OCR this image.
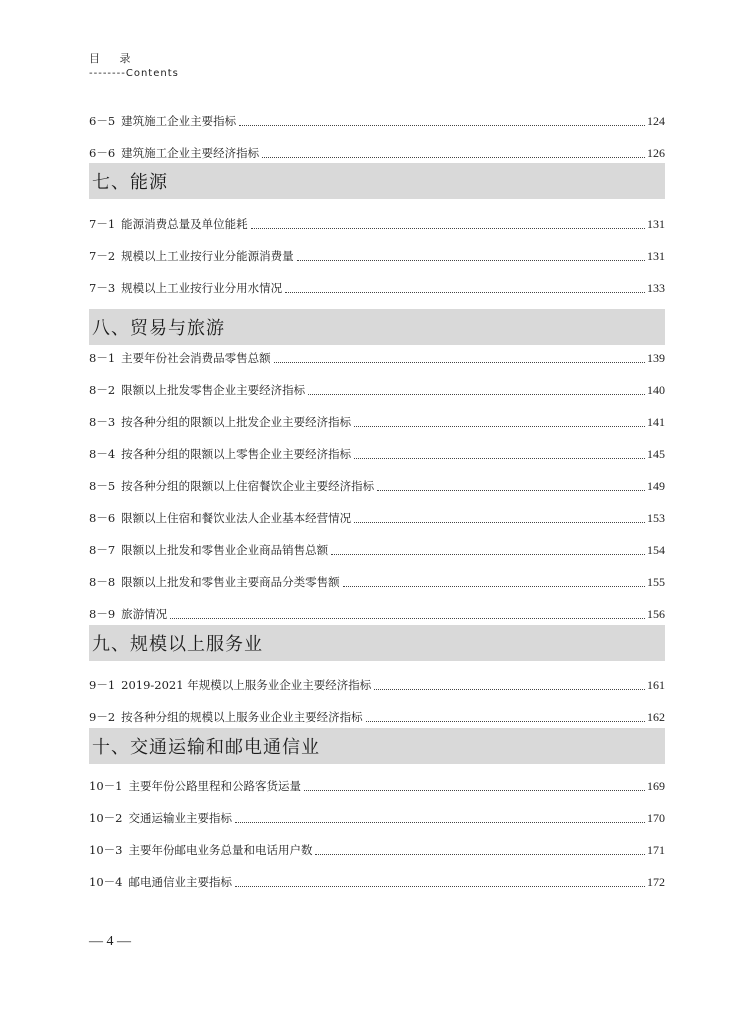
目 录
--------Contents
6－5 建筑施工企业主要指标	124
6－6 建筑施工企业主要经济指标	126
七、能源
7－1 能源消费总量及单位能耗	131
7－2 规模以上工业按行业分能源消费量	131
7－3 规模以上工业按行业分用水情况	133
八、贸易与旅游
8－1 主要年份社会消费品零售总额	139
8－2 限额以上批发零售企业主要经济指标	140
8－3 按各种分组的限额以上批发企业主要经济指标	141
8－4 按各种分组的限额以上零售企业主要经济指标	145
8－5 按各种分组的限额以上住宿餐饮企业主要经济指标	149
8－6 限额以上住宿和餐饮业法人企业基本经营情况	153
8－7 限额以上批发和零售业企业商品销售总额	154
8－8 限额以上批发和零售业主要商品分类零售额	155
8－9 旅游情况	156
九、规模以上服务业
9－1 2019-2021 年规模以上服务业企业主要经济指标	161
9－2 按各种分组的规模以上服务业企业主要经济指标	162
十、交通运输和邮电通信业
10－1 主要年份公路里程和公路客货运量	169
10－2 交通运输业主要指标	170
10－3 主要年份邮电业务总量和电话用户数	171
10－4 邮电通信业主要指标	172
— 4 —
